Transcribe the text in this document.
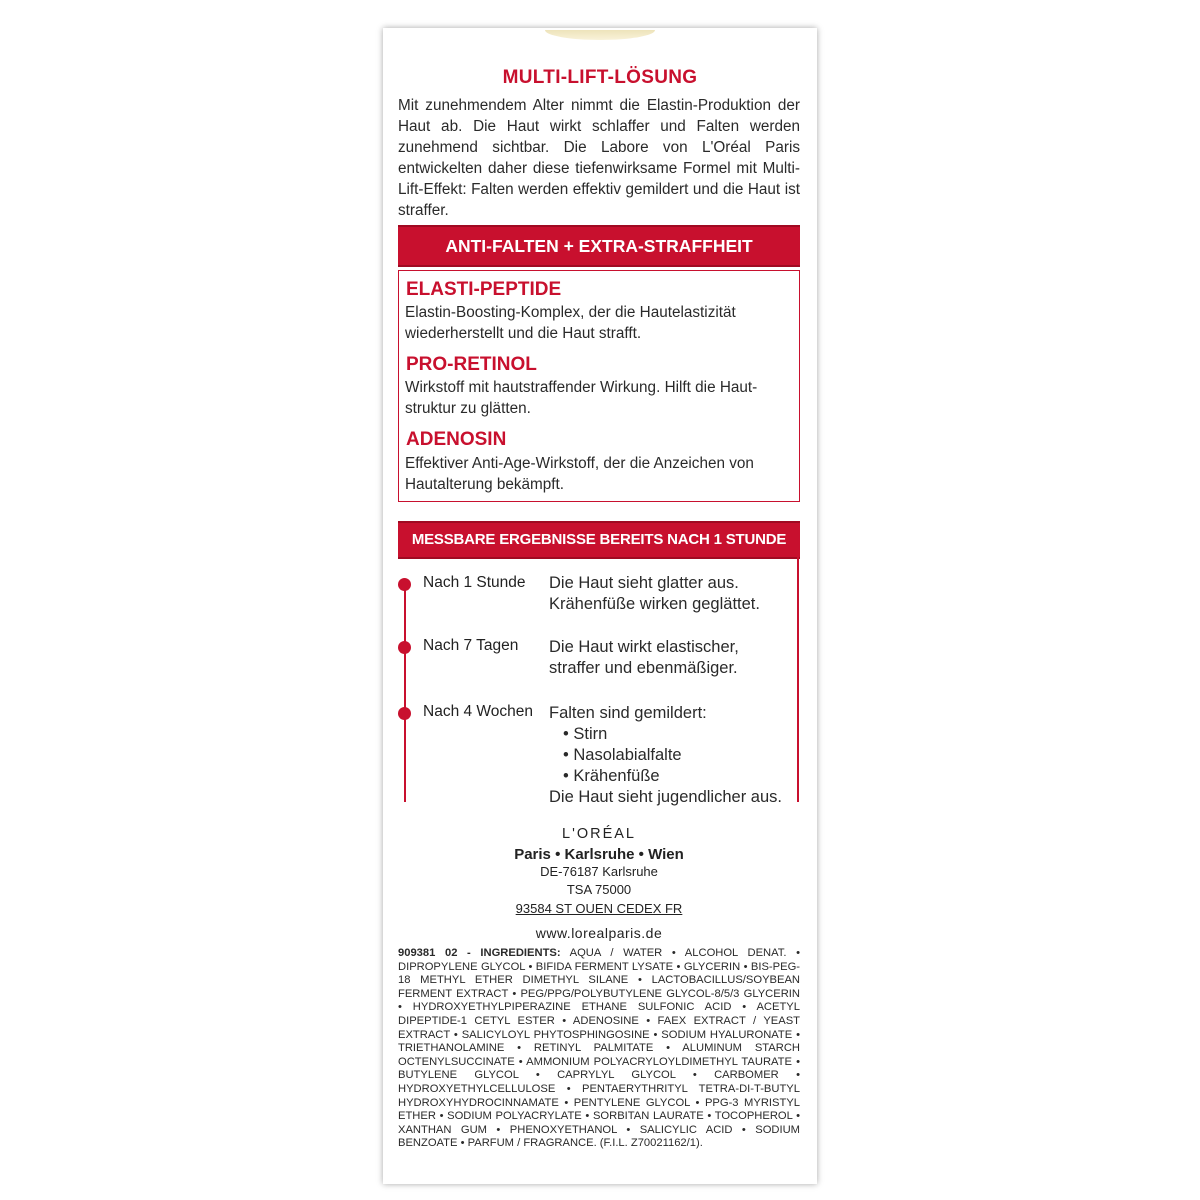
MULTI-LIFT-LÖSUNG
Mit zunehmendem Alter nimmt die Elastin-Produktion der Haut ab. Die Haut wirkt schlaffer und Falten werden zunehmend sichtbar. Die Labore von L'Oréal Paris entwickelten daher diese tiefenwirksame Formel mit Multi-Lift-Effekt: Falten werden effektiv gemildert und die Haut ist straffer.
ANTI-FALTEN + EXTRA-STRAFFHEIT
ELASTI-PEPTIDE
Elastin-Boosting-Komplex, der die Hautelastizität wiederherstellt und die Haut strafft.
PRO-RETINOL
Wirkstoff mit hautstraffender Wirkung. Hilft die Haut-struktur zu glätten.
ADENOSIN
Effektiver Anti-Age-Wirkstoff, der die Anzeichen von Hautalterung bekämpft.
MESSBARE ERGEBNISSE BEREITS NACH 1 STUNDE
Nach 1 Stunde Die Haut sieht glatter aus.
Krähenfüße wirken geglättet.
Nach 7 Tagen Die Haut wirkt elastischer,
straffer und ebenmäßiger.
Nach 4 Wochen Falten sind gemildert:
• Stirn
• Nasolabialfalte
• Krähenfüße
Die Haut sieht jugendlicher aus.
L'ORÉAL
Paris • Karlsruhe • Wien
DE-76187 Karlsruhe
TSA 75000
93584 ST OUEN CEDEX FR
www.lorealparis.de
909381 02 - INGREDIENTS: AQUA / WATER • ALCOHOL DENAT. • DIPROPYLENE GLYCOL • BIFIDA FERMENT LYSATE • GLYCERIN • BIS-PEG-18 METHYL ETHER DIMETHYL SILANE • LACTOBACILLUS/SOYBEAN FERMENT EXTRACT • PEG/PPG/POLYBUTYLENE GLYCOL-8/5/3 GLYCERIN • HYDROXYETHYLPIPERAZINE ETHANE SULFONIC ACID • ACETYL DIPEPTIDE-1 CETYL ESTER • ADENOSINE • FAEX EXTRACT / YEAST EXTRACT • SALICYLOYL PHYTOSPHINGOSINE • SODIUM HYALURONATE • TRIETHANOLAMINE • RETINYL PALMITATE • ALUMINUM STARCH OCTENYLSUCCINATE • AMMONIUM POLYACRYLOYLDIMETHYL TAURATE • BUTYLENE GLYCOL • CAPRYLYL GLYCOL • CARBOMER • HYDROXYETHYLCELLULOSE • PENTAERYTHRITYL TETRA-DI-T-BUTYL HYDROXYHYDROCINNAMATE • PENTYLENE GLYCOL • PPG-3 MYRISTYL ETHER • SODIUM POLYACRYLATE • SORBITAN LAURATE • TOCOPHEROL • XANTHAN GUM • PHENOXYETHANOL • SALICYLIC ACID • SODIUM BENZOATE • PARFUM / FRAGRANCE. (F.I.L. Z70021162/1).
